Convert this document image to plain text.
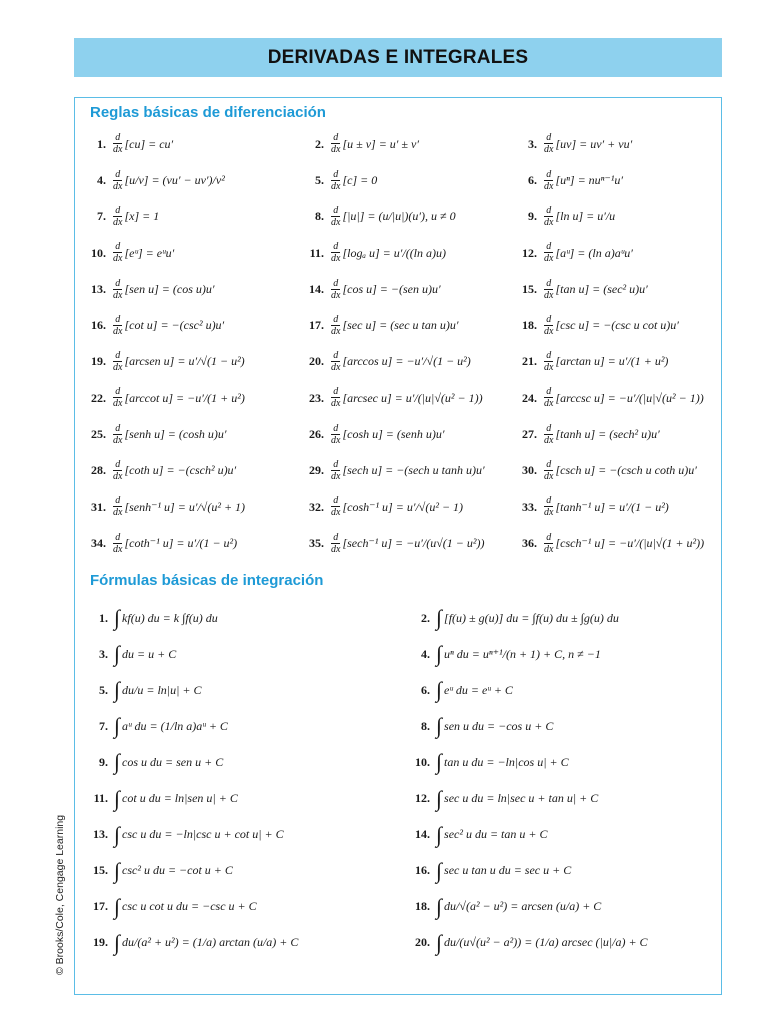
DERIVADAS E INTEGRALES
Reglas básicas de diferenciación
1. $\frac{d}{dx} [cu] = cu'$	2. $\frac{d}{dx} [u \pm v] = u' \pm v'$	3. $\frac{d}{dx} [uv] = uv' + vu'$
4. $\frac{d}{dx} [u/v] = (vu' - uv')/v^2$	5. $\frac{d}{dx} [c] = 0$	6. $\frac{d}{dx} [u^n] = nu^{n-1}u'$
7. $\frac{d}{dx} [x] = 1$	8. $\frac{d}{dx} [|u|] = (u/|u|)(u')$, u ≠ 0	9. $\frac{d}{dx} [\ln$ u] = u′/u
10. $\frac{d}{dx}$ [eᵘ] = eᵘu′	11. $\frac{d}{dx} [\log_a$ u] = u′/((ln a)u)	12. $\frac{d}{dx}$ [aᵘ] = (ln a)aᵘu′
13. $\frac{d}{dx} [sen$ u] = (cos u)u′	14. $\frac{d}{dx} [\cos$ u] = −(sen u)u′	15. $\frac{d}{dx} [\tan$ u] = (sec² u)u′
16. $\frac{d}{dx} [\cot$ u] = −(csc² u)u′	17. $\frac{d}{dx} [\sec$ u] = (sec u tan u)u′	18. $\frac{d}{dx} [\csc$ u] = −(csc u cot u)u′
19. $\frac{d}{dx}$ [arcsen u] = u′/√(1 − u²)	20. $\frac{d}{dx} [\arccos$ u] = −u′/√(1 − u²)	21. $\frac{d}{dx} [\arctan$ u] = u′/(1 + u²)
22. $\frac{d}{dx} [arccot$ u] = −u′/(1 + u²)	23. $\frac{d}{dx} [arcsec$ u] = u′/(|u|√(u² − 1))	24. $\frac{d}{dx} [arccsc$ u] = −u′/(|u|√(u² − 1))
25. $\frac{d}{dx}$ [senh u] = (cosh u)u′	26. $\frac{d}{dx} [\cosh$ u] = (senh u)u′	27. $\frac{d}{dx} [\tanh$ u] = (sech² u)u′
28. $\frac{d}{dx} [\cot h$ u] = −(csch² u)u′	29. $\frac{d}{dx} [\sec h$ u] = −(sech u tanh u)u′	30. $\frac{d}{dx} [\csc h$ u] = −(csch u coth u)u′
31. $\frac{d}{dx}$ [senh⁻¹ u] = u′/√(u² + 1)	32. $\frac{d}{dx} [\cosh^{-1}$ u] = u′/√(u² − 1)	33. $\frac{d}{dx} [\tanh^{-1}$ u] = u′/(1 − u²)
34. $\frac{d}{dx} [\cot h^{-1}$ u] = u′/(1 − u²)	35. $\frac{d}{dx} [\sec h^{-1}$ u] = −u′/(u√(1 − u²))	36. $\frac{d}{dx} [\csc h^{-1}$ u] = −u′/(|u|√(1 + u²))
Fórmulas básicas de integración
1. ∫ kf(u) du = k ∫f(u) du	2. ∫ [f(u) ± g(u)] du = ∫f(u) du ± ∫g(u) du
3. ∫ du = u + C	4. ∫ uⁿ du = uⁿ⁺¹/(n + 1) + C, n ≠ −1
5. ∫ du/u = ln|u| + C	6. ∫ eᵘ du = eᵘ + C
7. ∫ aᵘ du = (1/ln a)aᵘ + C	8. ∫ sen u du = −cos u + C
9. ∫ cos u du = sen u + C	10. ∫ tan u du = −ln|cos u| + C
11. ∫ cot u du = ln|sen u| + C	12. ∫ sec u du = ln|sec u + tan u| + C
13. ∫ csc u du = −ln|csc u + cot u| + C	14. ∫ sec² u du = tan u + C
15. ∫ csc² u du = −cot u + C	16. ∫ sec u tan u du = sec u + C
17. ∫ csc u cot u du = −csc u + C	18. ∫ du/√(a² − u²) = arcsen (u/a) + C
19. ∫ du/(a² + u²) = (1/a) arctan (u/a) + C	20. ∫ du/(u√(u² − a²)) = (1/a) arcsec (|u|/a) + C
© Brooks/Cole, Cengage Learning
